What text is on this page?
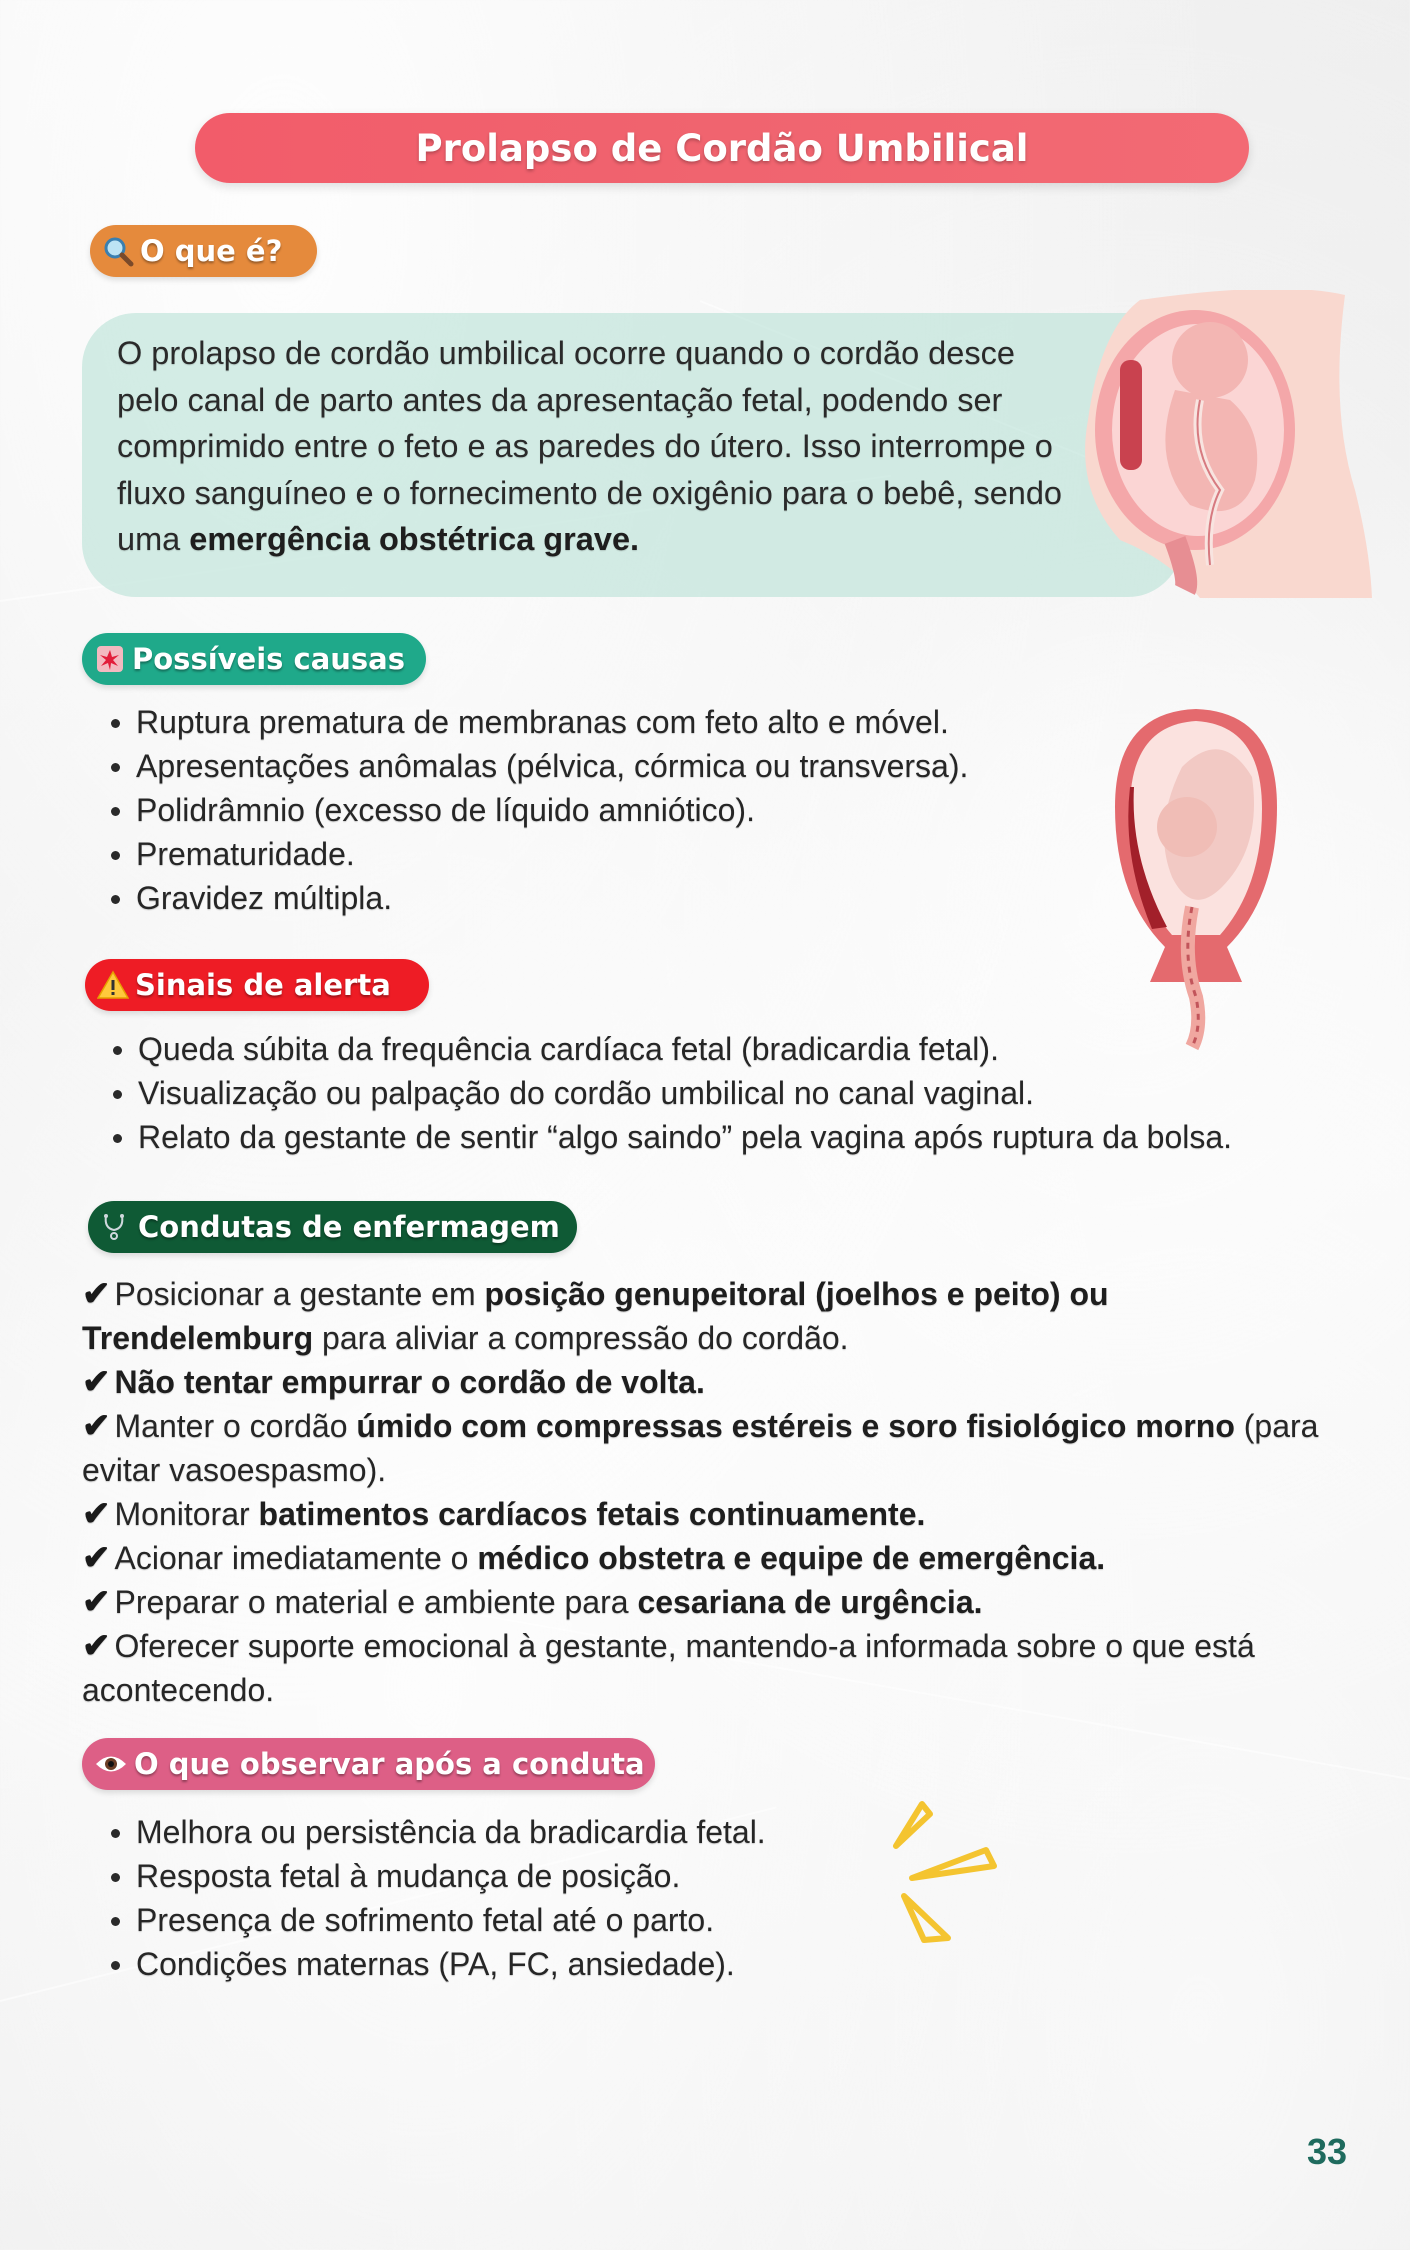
Prolapso de Cordão Umbilical
O que é?
O prolapso de cordão umbilical ocorre quando o cordão desce pelo canal de parto antes da apresentação fetal, podendo ser comprimido entre o feto e as paredes do útero. Isso interrompe o fluxo sanguíneo e o fornecimento de oxigênio para o bebê, sendo uma emergência obstétrica grave.
Possíveis causas
Ruptura prematura de membranas com feto alto e móvel.
Apresentações anômalas (pélvica, córmica ou transversa).
Polidrâmnio (excesso de líquido amniótico).
Prematuridade.
Gravidez múltipla.
Sinais de alerta
Queda súbita da frequência cardíaca fetal (bradicardia fetal).
Visualização ou palpação do cordão umbilical no canal vaginal.
Relato da gestante de sentir “algo saindo” pela vagina após ruptura da bolsa.
Condutas de enfermagem

✔ Posicionar a gestante em posição genupeitoral (joelhos e peito) ou Trendelemburg para aliviar a compressão do cordão.

✔ Não tentar empurrar o cordão de volta.

✔ Manter o cordão úmido com compressas estéreis e soro fisiológico morno (para evitar vasoespasmo).

✔ Monitorar batimentos cardíacos fetais continuamente.

✔ Acionar imediatamente o médico obstetra e equipe de emergência.

✔ Preparar o material e ambiente para cesariana de urgência.

✔ Oferecer suporte emocional à gestante, mantendo-a informada sobre o que está acontecendo.

O que observar após a conduta
Melhora ou persistência da bradicardia fetal.
Resposta fetal à mudança de posição.
Presença de sofrimento fetal até o parto.
Condições maternas (PA, FC, ansiedade).
33
